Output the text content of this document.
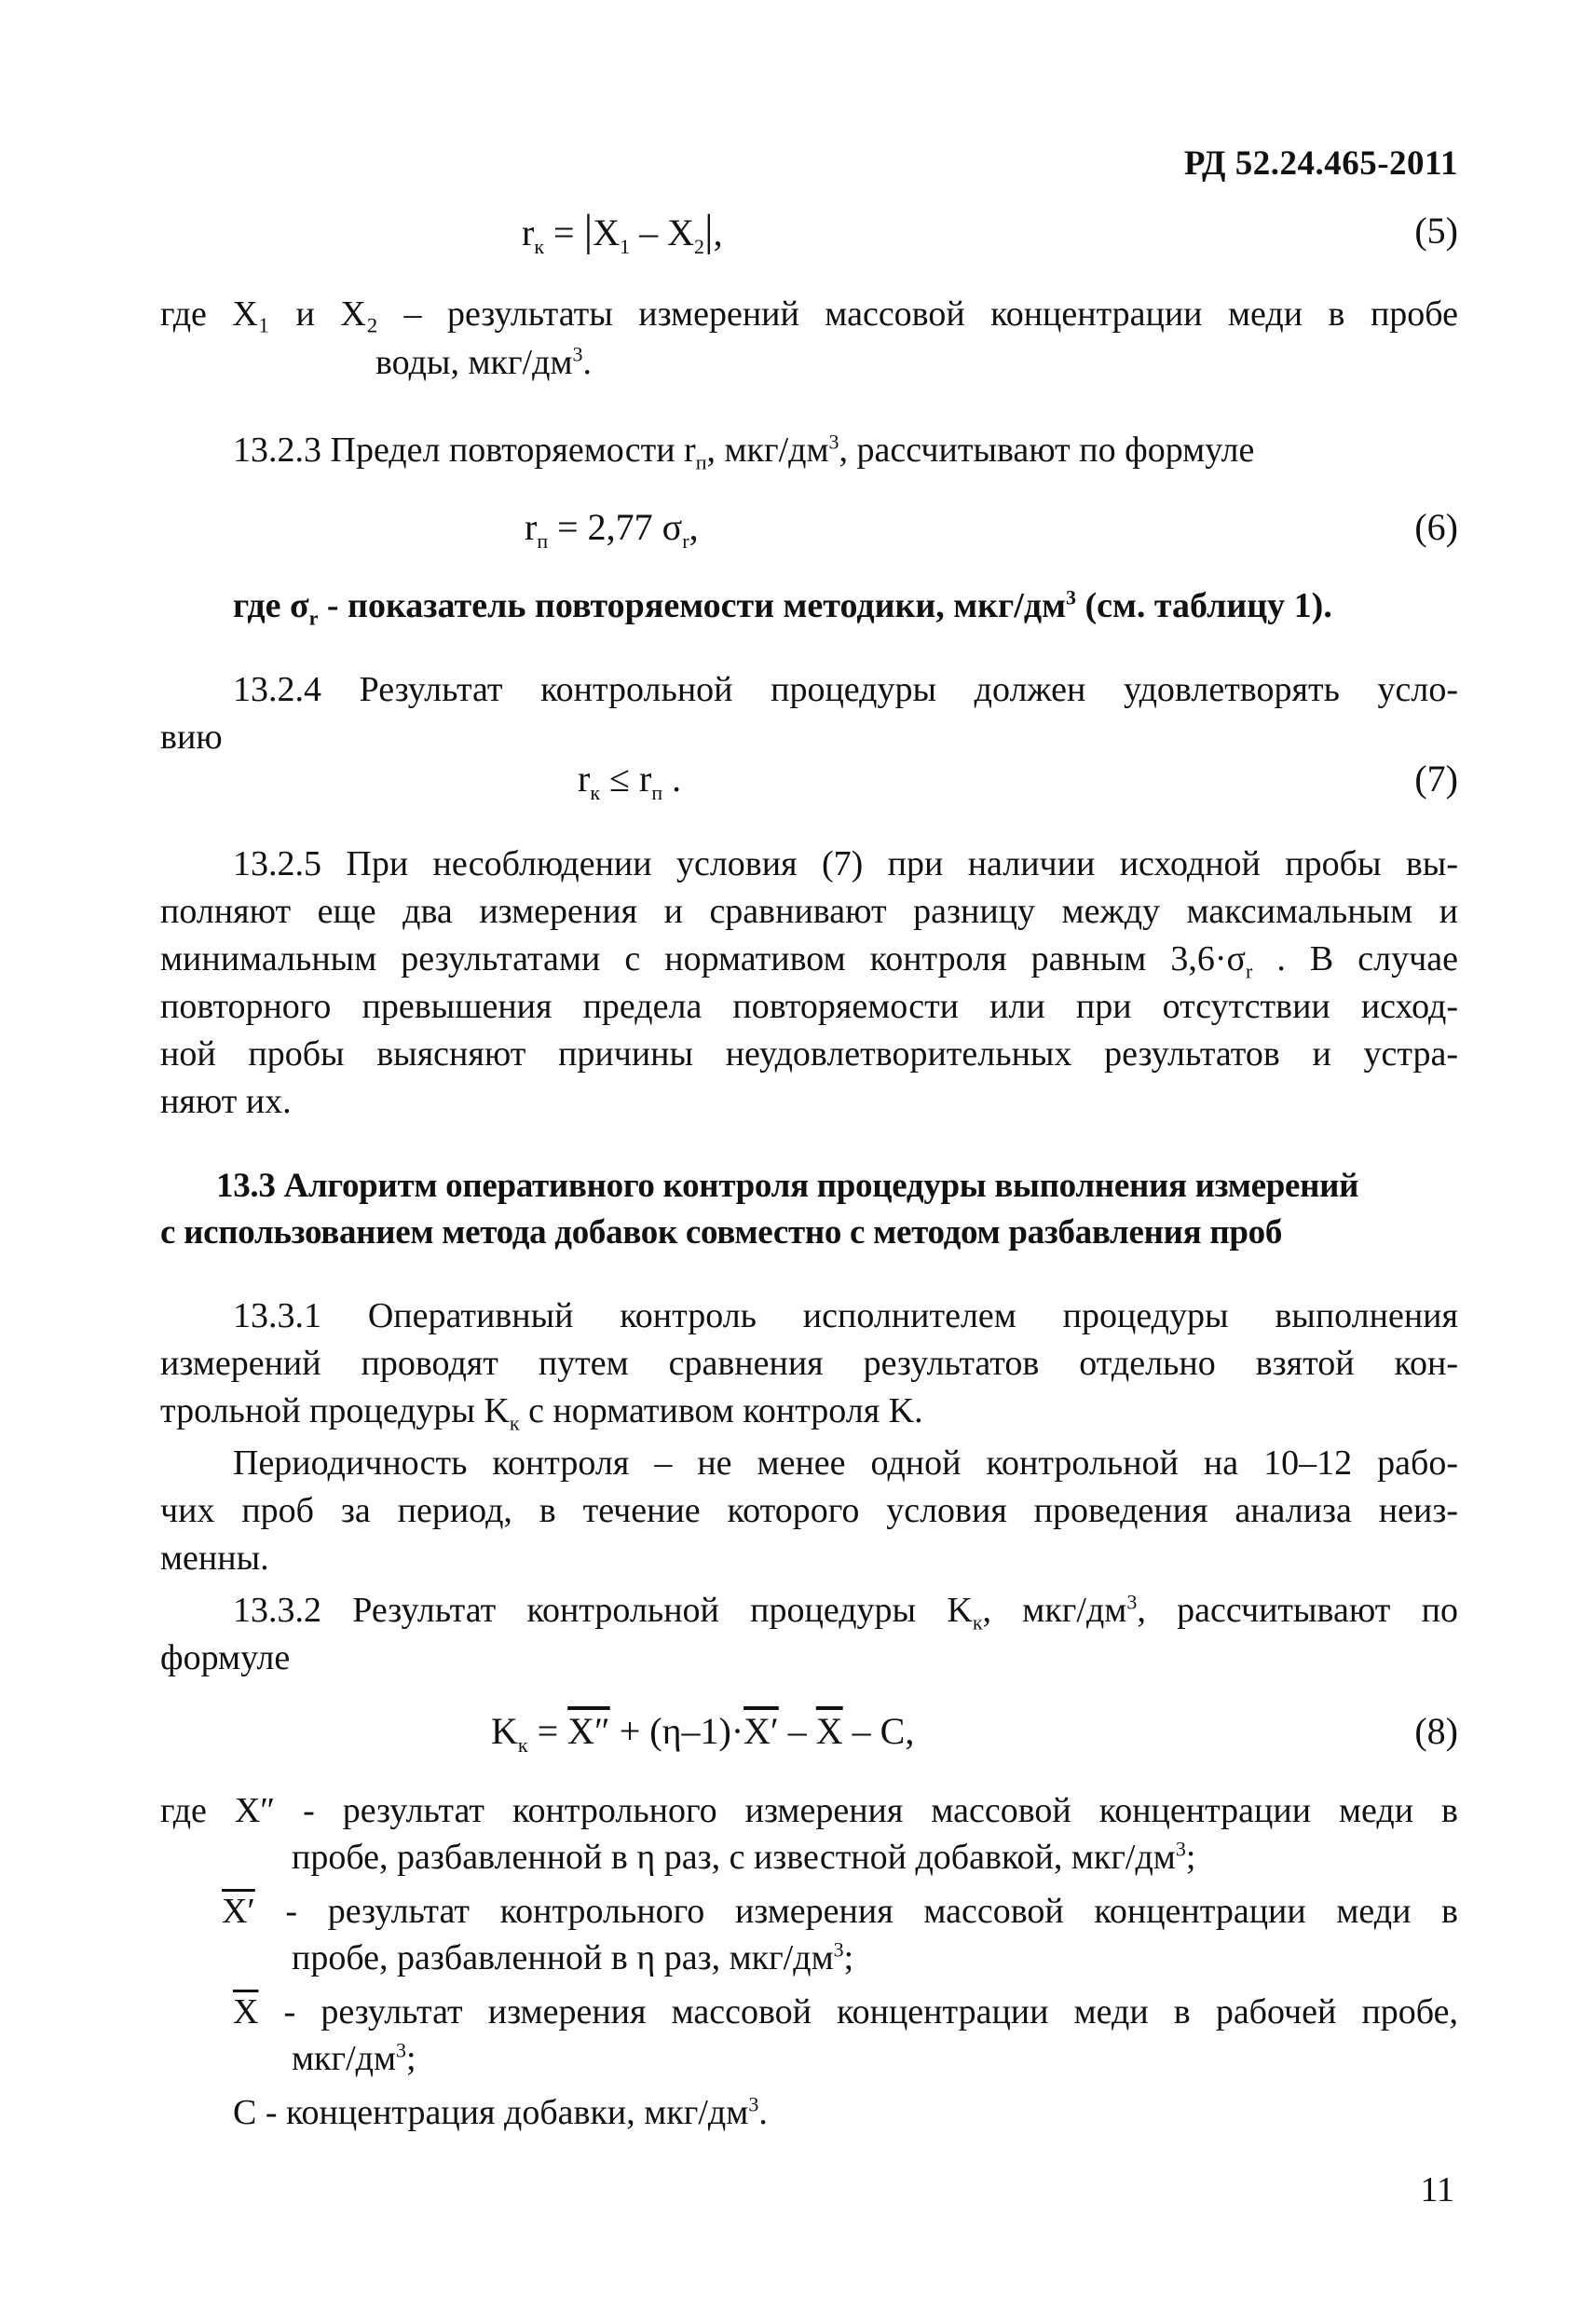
РД 52.24.465-2011
$r_к = |X_1 - X_2|$,	(5)
где X₁ и X₂ – результаты измерений массовой концентрации меди в пробе
воды, мкг/$дм^3$.
13.2.3 Предел повторяемости $r_п$, мкг/$дм^3$, рассчитывают по формуле
$r_п = 2,77$ $\sigma_r$,	(6)
где $\sigma_r$ - показатель повторяемости методики, мкг/$дм^3$ (см. таблицу 1).
13.2.4 Результат контрольной процедуры должен удовлетворять усло-
вию
$r_к \le r_п$ .	(7)
13.2.5 При несоблюдении условия (7) при наличии исходной пробы вы-
полняют еще два измерения и сравнивают разницу между максимальным и
минимальным результатами с нормативом контроля равным $3,6\cdot\sigma_r$ . В случае
повторного превышения предела повторяемости или при отсутствии исход-
ной пробы выясняют причины неудовлетворительных результатов и устра-
няют их.
13.3 Алгоритм оперативного контроля процедуры выполнения измерений
с использованием метода добавок совместно с методом разбавления проб
13.3.1 Оперативный контроль исполнителем процедуры выполнения
измерений проводят путем сравнения результатов отдельно взятой кон-
трольной процедуры $K_к$ с нормативом контроля K.
Периодичность контроля – не менее одной контрольной на 10–12 рабо-
чих проб за период, в течение которого условия проведения анализа неиз-
менны.
13.3.2 Результат контрольной процедуры $K_к$, мкг/$дм^3$, рассчитывают по
формуле
$K_к = X'' + (\eta-1)\cdot X' - \overline{X} - C$,	(8)
где X″ - результат контрольного измерения массовой концентрации меди в
пробе, разбавленной в η раз, с известной добавкой, мкг/$дм^3$;
X′ - результат контрольного измерения массовой концентрации меди в
пробе, разбавленной в η раз, мкг/$дм^3$;
$\overline{X}$ - результат измерения массовой концентрации меди в рабочей пробе,
мкг/$дм^3$;
C - концентрация добавки, мкг/$дм^3$.
11
